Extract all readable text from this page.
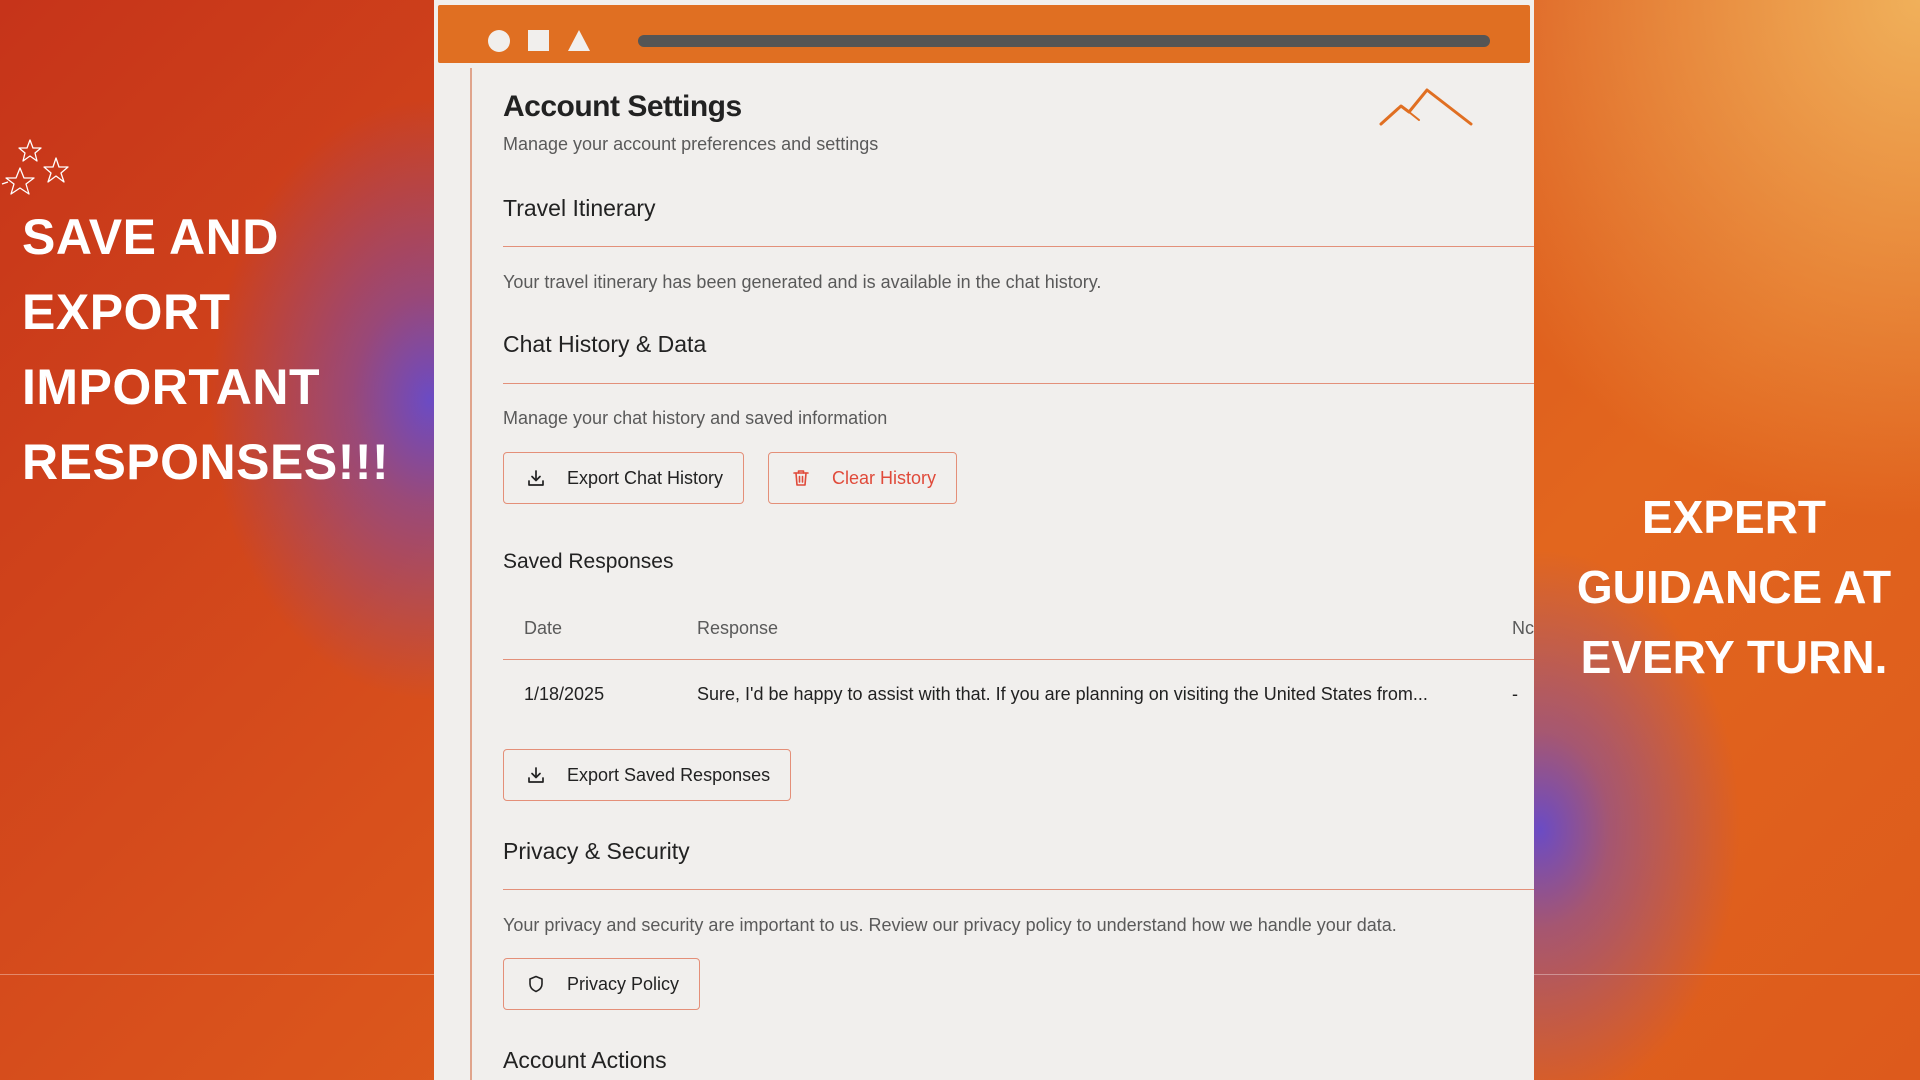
SAVE AND
EXPORT
IMPORTANT
RESPONSES!!!
EXPERT
GUIDANCE AT
EVERY TURN.
Account Settings
Manage your account preferences and settings
Travel Itinerary
Your travel itinerary has been generated and is available in the chat history.
Chat History & Data
Manage your chat history and saved information
Export Chat History	Clear History
Saved Responses
Date	Response	Nc
1/18/2025	Sure, I'd be happy to assist with that. If you are planning on visiting the United States from...	-
Export Saved Responses
Privacy & Security
Your privacy and security are important to us. Review our privacy policy to understand how we handle your data.
Privacy Policy
Account Actions
